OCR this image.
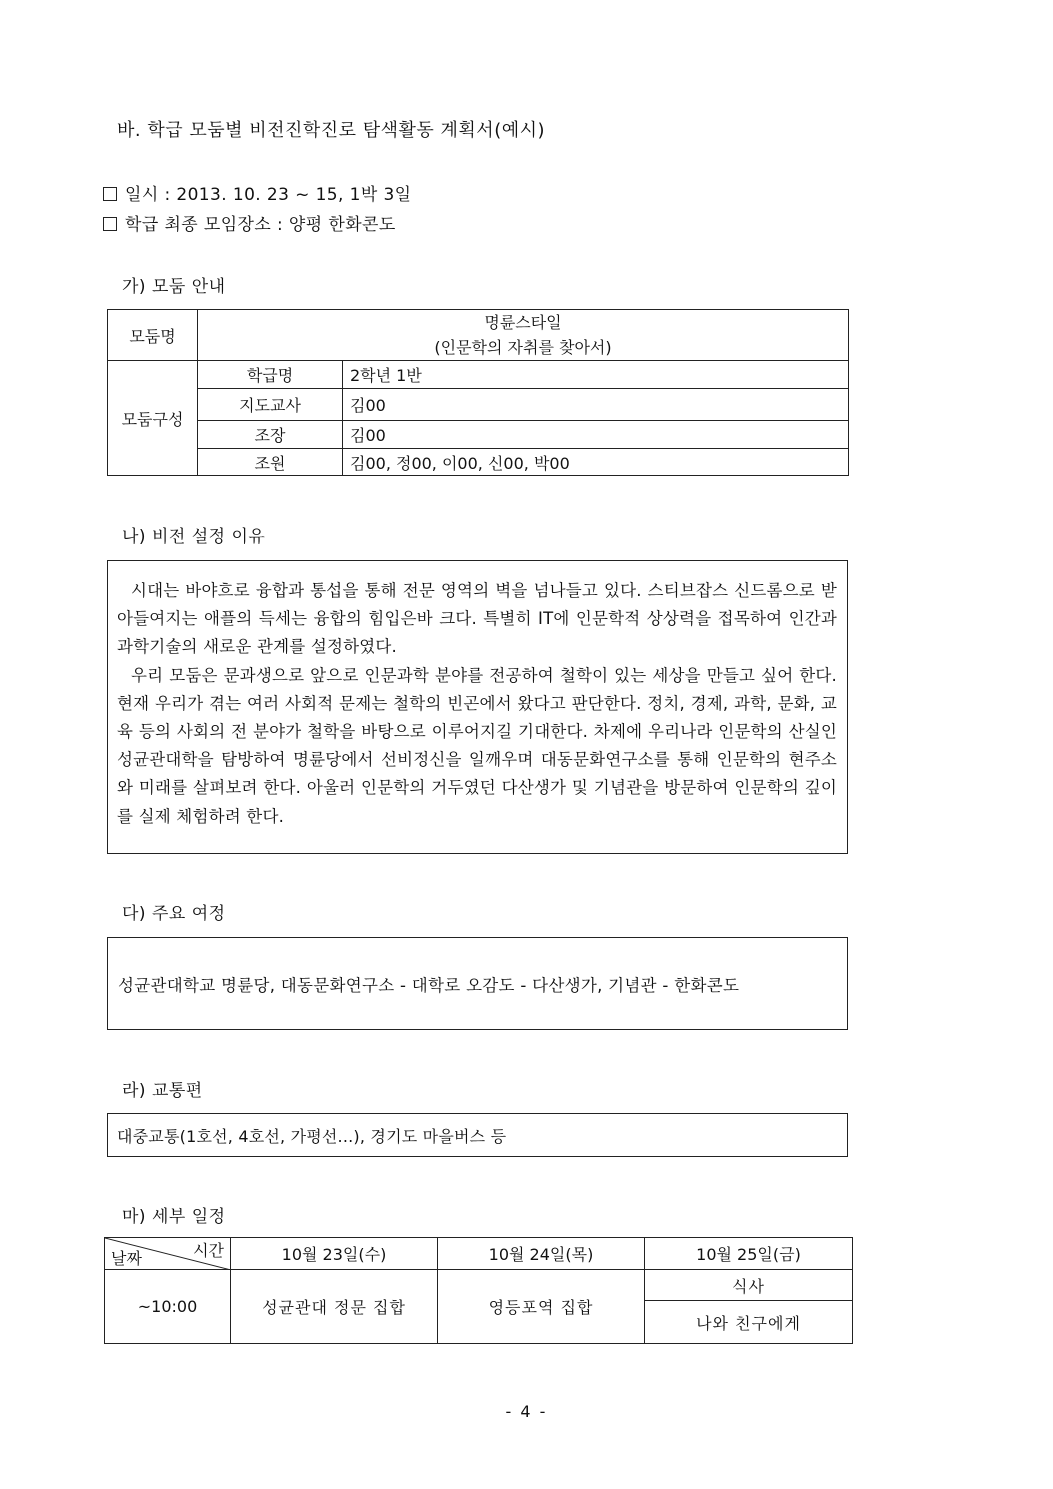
바. 학급 모둠별 비전진학진로 탐색활동 계획서(예시)
일시 : 2013. 10. 23 ~ 15, 1박 3일
학급 최종 모임장소 : 양평 한화콘도
가) 모둠 안내
모둠명	명륜스타일
(인문학의 자취를 찾아서)	

모둠구성	학급명	2학년 1반
	지도교사	김00
	조장	김00
	조원	김00, 정00, 이00, 신00, 박00
나) 비전 설정 이유

시대는 바야흐로 융합과 통섭을 통해 전문 영역의 벽을 넘나들고 있다. 스티브잡스 신드롬으로 받아들여지는 애플의 득세는 융합의 힘입은바 크다. 특별히 IT에 인문학적 상상력을 접목하여 인간과 과학기술의 새로운 관계를 설정하였다.

우리 모둠은 문과생으로 앞으로 인문과학 분야를 전공하여 철학이 있는 세상을 만들고 싶어 한다. 현재 우리가 겪는 여러 사회적 문제는 철학의 빈곤에서 왔다고 판단한다. 정치, 경제, 과학, 문화, 교육 등의 사회의 전 분야가 철학을 바탕으로 이루어지길 기대한다. 차제에 우리나라 인문학의 산실인 성균관대학을 탐방하여 명륜당에서 선비정신을 일깨우며 대동문화연구소를 통해 인문학의 현주소와 미래를 살펴보려 한다. 아울러 인문학의 거두였던 다산생가 및 기념관을 방문하여 인문학의 깊이를 실제 체험하려 한다.

다) 주요 여정
성균관대학교 명륜당, 대동문화연구소 - 대학로 오감도 - 다산생가, 기념관 - 한화콘도
라) 교통편
대중교통(1호선, 4호선, 가평선...), 경기도 마을버스 등
마) 세부 일정
시간
날짜	10월 23일(수)	10월 24일(목)	10월 25일(금)
~10:00	성균관대 정문 집합	영등포역 집합	식사
			나와 친구에게
- 4 -
